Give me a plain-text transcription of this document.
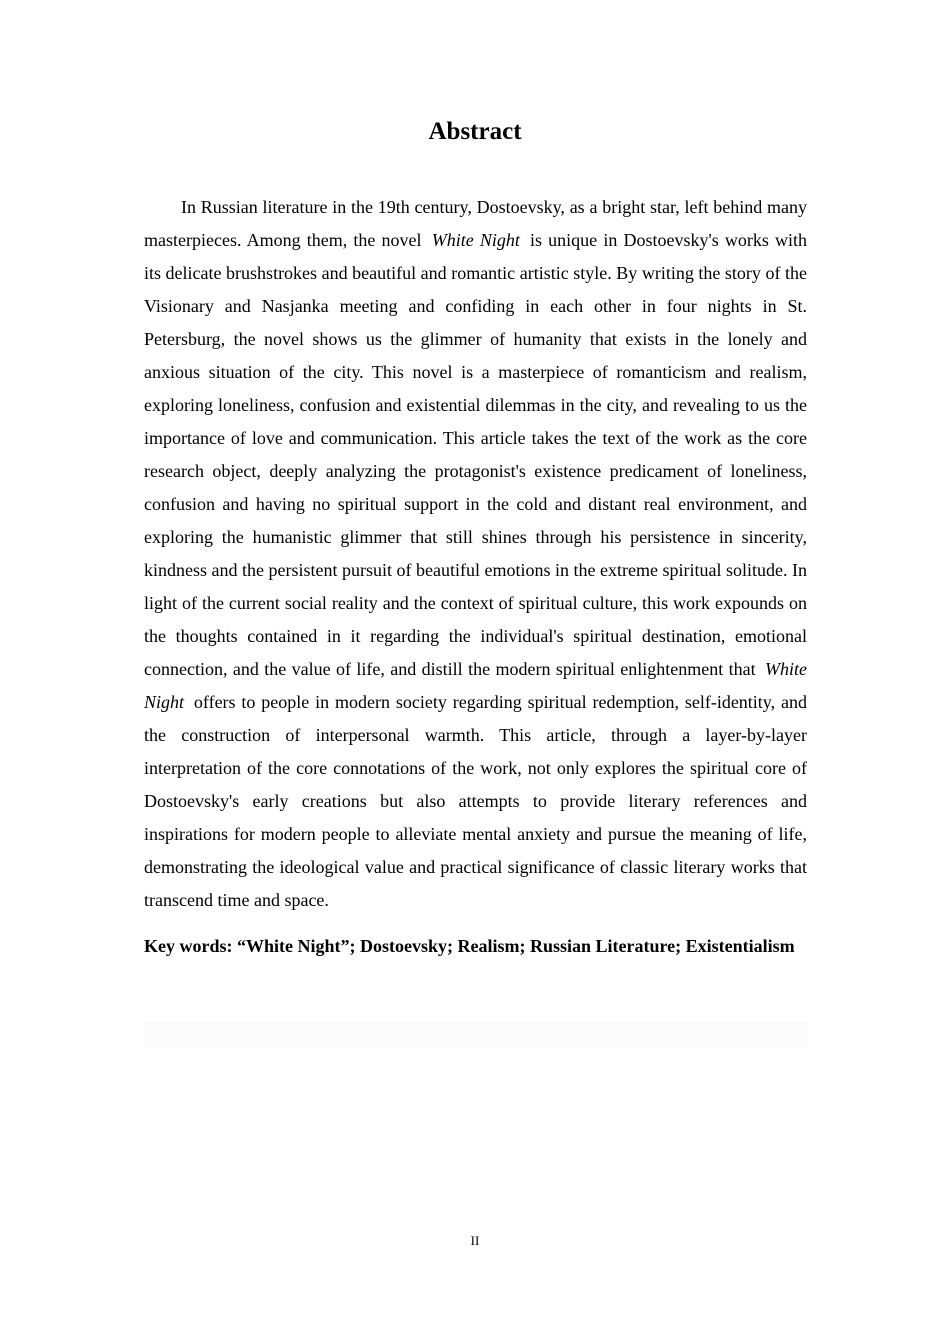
Abstract

In Russian literature in the 19th century, Dostoevsky, as a bright star, left behind many masterpieces. Among them, the novel White Night is unique in Dostoevsky's works with its delicate brushstrokes and beautiful and romantic artistic style. By writing the story of the Visionary and Nasjanka meeting and confiding in each other in four nights in St. Petersburg, the novel shows us the glimmer of humanity that exists in the lonely and anxious situation of the city. This novel is a masterpiece of romanticism and realism, exploring loneliness, confusion and existential dilemmas in the city, and revealing to us the importance of love and communication. This article takes the text of the work as the core research object, deeply analyzing the protagonist's existence predicament of loneliness, confusion and having no spiritual support in the cold and distant real environment, and exploring the humanistic glimmer that still shines through his persistence in sincerity, kindness and the persistent pursuit of beautiful emotions in the extreme spiritual solitude. In light of the current social reality and the context of spiritual culture, this work expounds on the thoughts contained in it regarding the individual's spiritual destination, emotional connection, and the value of life, and distill the modern spiritual enlightenment that White Night offers to people in modern society regarding spiritual redemption, self-identity, and the construction of interpersonal warmth. This article, through a layer-by-layer interpretation of the core connotations of the work, not only explores the spiritual core of Dostoevsky's early creations but also attempts to provide literary references and inspirations for modern people to alleviate mental anxiety and pursue the meaning of life, demonstrating the ideological value and practical significance of classic literary works that transcend time and space.

Key words: “White Night”; Dostoevsky; Realism; Russian Literature; Existentialism

II
